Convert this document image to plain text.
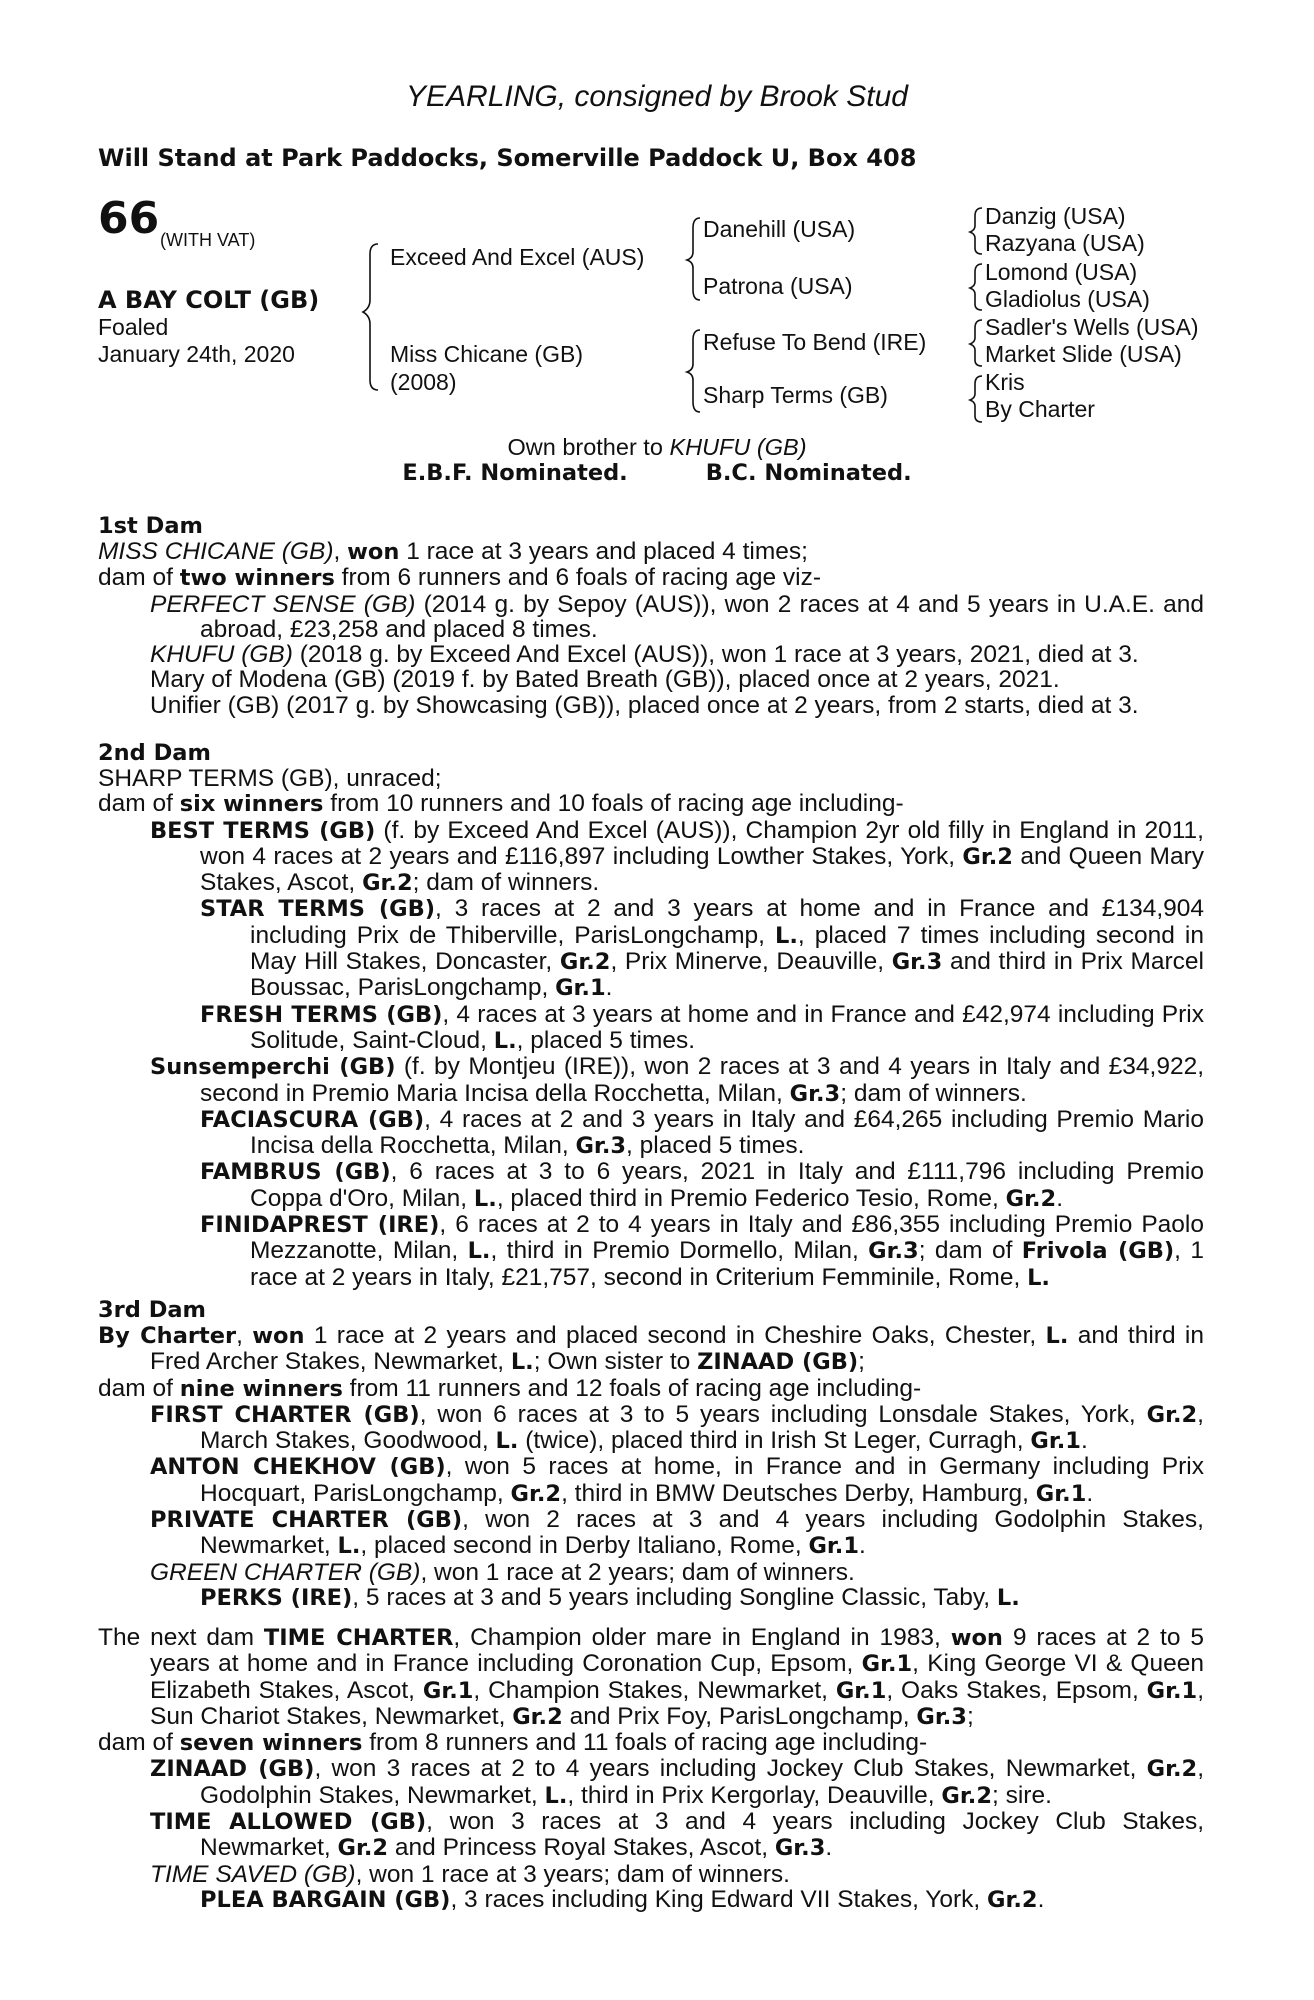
YEARLING, consigned by Brook Stud
Will Stand at Park Paddocks, Somerville Paddock U, Box 408
66 (WITH VAT)
A BAY COLT (GB)
Foaled
January 24th, 2020
Exceed And Excel (AUS)
Miss Chicane (GB)
(2008)
Danehill (USA)
Patrona (USA)
Refuse To Bend (IRE)
Sharp Terms (GB)
Danzig (USA)
Razyana (USA)
Lomond (USA)
Gladiolus (USA)
Sadler's Wells (USA)
Market Slide (USA)
Kris
By Charter
Own brother to KHUFU (GB)
E.B.F. Nominated.	B.C. Nominated.
1st Dam
MISS CHICANE (GB), won 1 race at 3 years and placed 4 times;
dam of two winners from 6 runners and 6 foals of racing age viz-
PERFECT SENSE (GB) (2014 g. by Sepoy (AUS)), won 2 races at 4 and 5 years in U.A.E. and abroad, £23,258 and placed 8 times.
KHUFU (GB) (2018 g. by Exceed And Excel (AUS)), won 1 race at 3 years, 2021, died at 3.
Mary of Modena (GB) (2019 f. by Bated Breath (GB)), placed once at 2 years, 2021.
Unifier (GB) (2017 g. by Showcasing (GB)), placed once at 2 years, from 2 starts, died at 3.
2nd Dam
SHARP TERMS (GB), unraced;
dam of six winners from 10 runners and 10 foals of racing age including-
BEST TERMS (GB) (f. by Exceed And Excel (AUS)), Champion 2yr old filly in England in 2011, won 4 races at 2 years and £116,897 including Lowther Stakes, York, Gr.2 and Queen Mary Stakes, Ascot, Gr.2; dam of winners.
STAR TERMS (GB), 3 races at 2 and 3 years at home and in France and £134,904 including Prix de Thiberville, ParisLongchamp, L., placed 7 times including second in May Hill Stakes, Doncaster, Gr.2, Prix Minerve, Deauville, Gr.3 and third in Prix Marcel Boussac, ParisLongchamp, Gr.1.
FRESH TERMS (GB), 4 races at 3 years at home and in France and £42,974 including Prix Solitude, Saint-Cloud, L., placed 5 times.
Sunsemperchi (GB) (f. by Montjeu (IRE)), won 2 races at 3 and 4 years in Italy and £34,922, second in Premio Maria Incisa della Rocchetta, Milan, Gr.3; dam of winners.
FACIASCURA (GB), 4 races at 2 and 3 years in Italy and £64,265 including Premio Mario Incisa della Rocchetta, Milan, Gr.3, placed 5 times.
FAMBRUS (GB), 6 races at 3 to 6 years, 2021 in Italy and £111,796 including Premio Coppa d'Oro, Milan, L., placed third in Premio Federico Tesio, Rome, Gr.2.
FINIDAPREST (IRE), 6 races at 2 to 4 years in Italy and £86,355 including Premio Paolo Mezzanotte, Milan, L., third in Premio Dormello, Milan, Gr.3; dam of Frivola (GB), 1 race at 2 years in Italy, £21,757, second in Criterium Femminile, Rome, L.
3rd Dam
By Charter, won 1 race at 2 years and placed second in Cheshire Oaks, Chester, L. and third in Fred Archer Stakes, Newmarket, L.; Own sister to ZINAAD (GB);
dam of nine winners from 11 runners and 12 foals of racing age including-
FIRST CHARTER (GB), won 6 races at 3 to 5 years including Lonsdale Stakes, York, Gr.2, March Stakes, Goodwood, L. (twice), placed third in Irish St Leger, Curragh, Gr.1.
ANTON CHEKHOV (GB), won 5 races at home, in France and in Germany including Prix Hocquart, ParisLongchamp, Gr.2, third in BMW Deutsches Derby, Hamburg, Gr.1.
PRIVATE CHARTER (GB), won 2 races at 3 and 4 years including Godolphin Stakes, Newmarket, L., placed second in Derby Italiano, Rome, Gr.1.
GREEN CHARTER (GB), won 1 race at 2 years; dam of winners.
PERKS (IRE), 5 races at 3 and 5 years including Songline Classic, Taby, L.
The next dam TIME CHARTER, Champion older mare in England in 1983, won 9 races at 2 to 5 years at home and in France including Coronation Cup, Epsom, Gr.1, King George VI & Queen Elizabeth Stakes, Ascot, Gr.1, Champion Stakes, Newmarket, Gr.1, Oaks Stakes, Epsom, Gr.1, Sun Chariot Stakes, Newmarket, Gr.2 and Prix Foy, ParisLongchamp, Gr.3;
dam of seven winners from 8 runners and 11 foals of racing age including-
ZINAAD (GB), won 3 races at 2 to 4 years including Jockey Club Stakes, Newmarket, Gr.2, Godolphin Stakes, Newmarket, L., third in Prix Kergorlay, Deauville, Gr.2; sire.
TIME ALLOWED (GB), won 3 races at 3 and 4 years including Jockey Club Stakes, Newmarket, Gr.2 and Princess Royal Stakes, Ascot, Gr.3.
TIME SAVED (GB), won 1 race at 3 years; dam of winners.
PLEA BARGAIN (GB), 3 races including King Edward VII Stakes, York, Gr.2.
